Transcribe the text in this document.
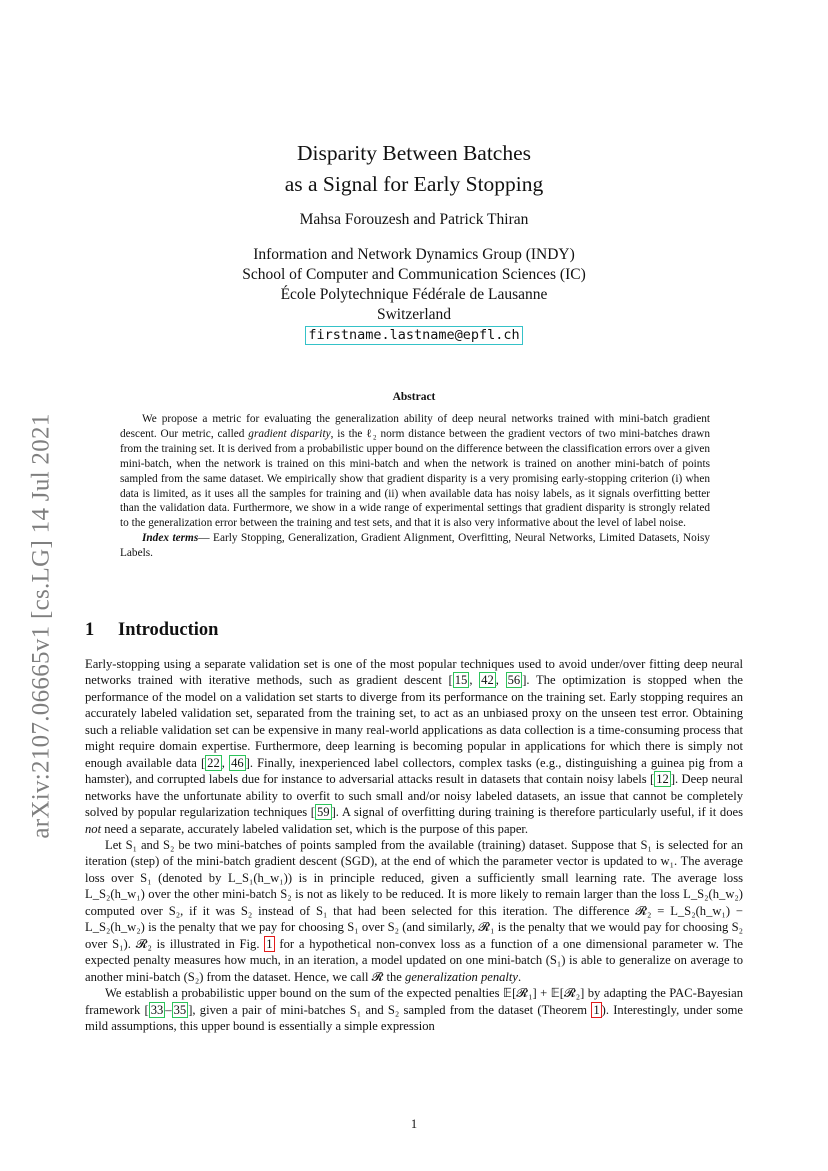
arXiv:2107.06665v1 [cs.LG] 14 Jul 2021
Disparity Between Batches
as a Signal for Early Stopping
Mahsa Forouzesh and Patrick Thiran
Information and Network Dynamics Group (INDY)
School of Computer and Communication Sciences (IC)
École Polytechnique Fédérale de Lausanne
Switzerland
firstname.lastname@epfl.ch
Abstract

We propose a metric for evaluating the generalization ability of deep neural networks trained with mini-batch gradient descent. Our metric, called gradient disparity, is the ℓ₂ norm distance between the gradient vectors of two mini-batches drawn from the training set. It is derived from a probabilistic upper bound on the difference between the classification errors over a given mini-batch, when the network is trained on this mini-batch and when the network is trained on another mini-batch of points sampled from the same dataset. We empirically show that gradient disparity is a very promising early-stopping criterion (i) when data is limited, as it uses all the samples for training and (ii) when available data has noisy labels, as it signals overfitting better than the validation data. Furthermore, we show in a wide range of experimental settings that gradient disparity is strongly related to the generalization error between the training and test sets, and that it is also very informative about the level of label noise.

Index terms— Early Stopping, Generalization, Gradient Alignment, Overfitting, Neural Networks, Limited Datasets, Noisy Labels.

1 Introduction

Early-stopping using a separate validation set is one of the most popular techniques used to avoid under/over fitting deep neural networks trained with iterative methods, such as gradient descent [ 15 , 42 , 56 ]. The optimization is stopped when the performance of the model on a validation set starts to diverge from its performance on the training set. Early stopping requires an accurately labeled validation set, separated from the training set, to act as an unbiased proxy on the unseen test error. Obtaining such a reliable validation set can be expensive in many real-world applications as data collection is a time-consuming process that might require domain expertise. Furthermore, deep learning is becoming popular in applications for which there is simply not enough available data [ 22 , 46 ]. Finally, inexperienced label collectors, complex tasks (e.g., distinguishing a guinea pig from a hamster), and corrupted labels due for instance to adversarial attacks result in datasets that contain noisy labels [ 12 ]. Deep neural networks have the unfortunate ability to overfit to such small and/or noisy labeled datasets, an issue that cannot be completely solved by popular regularization techniques [ 59 ]. A signal of overfitting during training is therefore particularly useful, if it does not need a separate, accurately labeled validation set, which is the purpose of this paper.

Let S₁ and S₂ be two mini-batches of points sampled from the available (training) dataset. Suppose that S₁ is selected for an iteration (step) of the mini-batch gradient descent (SGD), at the end of which the parameter vector is updated to w₁. The average loss over S₁ (denoted by L_S₁(h_w₁)) is in principle reduced, given a sufficiently small learning rate. The average loss L_S₂(h_w₁) over the other mini-batch S₂ is not as likely to be reduced. It is more likely to remain larger than the loss L_S₂(h_w₂) computed over S₂, if it was S₂ instead of S₁ that had been selected for this iteration. The difference 𝓡₂ = L_S₂(h_w₁) − L_S₂(h_w₂) is the penalty that we pay for choosing S₁ over S₂ (and similarly, 𝓡₁ is the penalty that we would pay for choosing S₂ over S₁). 𝓡₂ is illustrated in Fig. 1 for a hypothetical non-convex loss as a function of a one dimensional parameter w. The expected penalty measures how much, in an iteration, a model updated on one mini-batch (S₁) is able to generalize on average to another mini-batch (S₂) from the dataset. Hence, we call 𝓡 the generalization penalty.

We establish a probabilistic upper bound on the sum of the expected penalties 𝔼[𝓡₁] + 𝔼[𝓡₂] by adapting the PAC-Bayesian framework [ 33 – 35 ], given a pair of mini-batches S₁ and S₂ sampled from the dataset (Theorem 1 ). Interestingly, under some mild assumptions, this upper bound is essentially a simple expression

1
